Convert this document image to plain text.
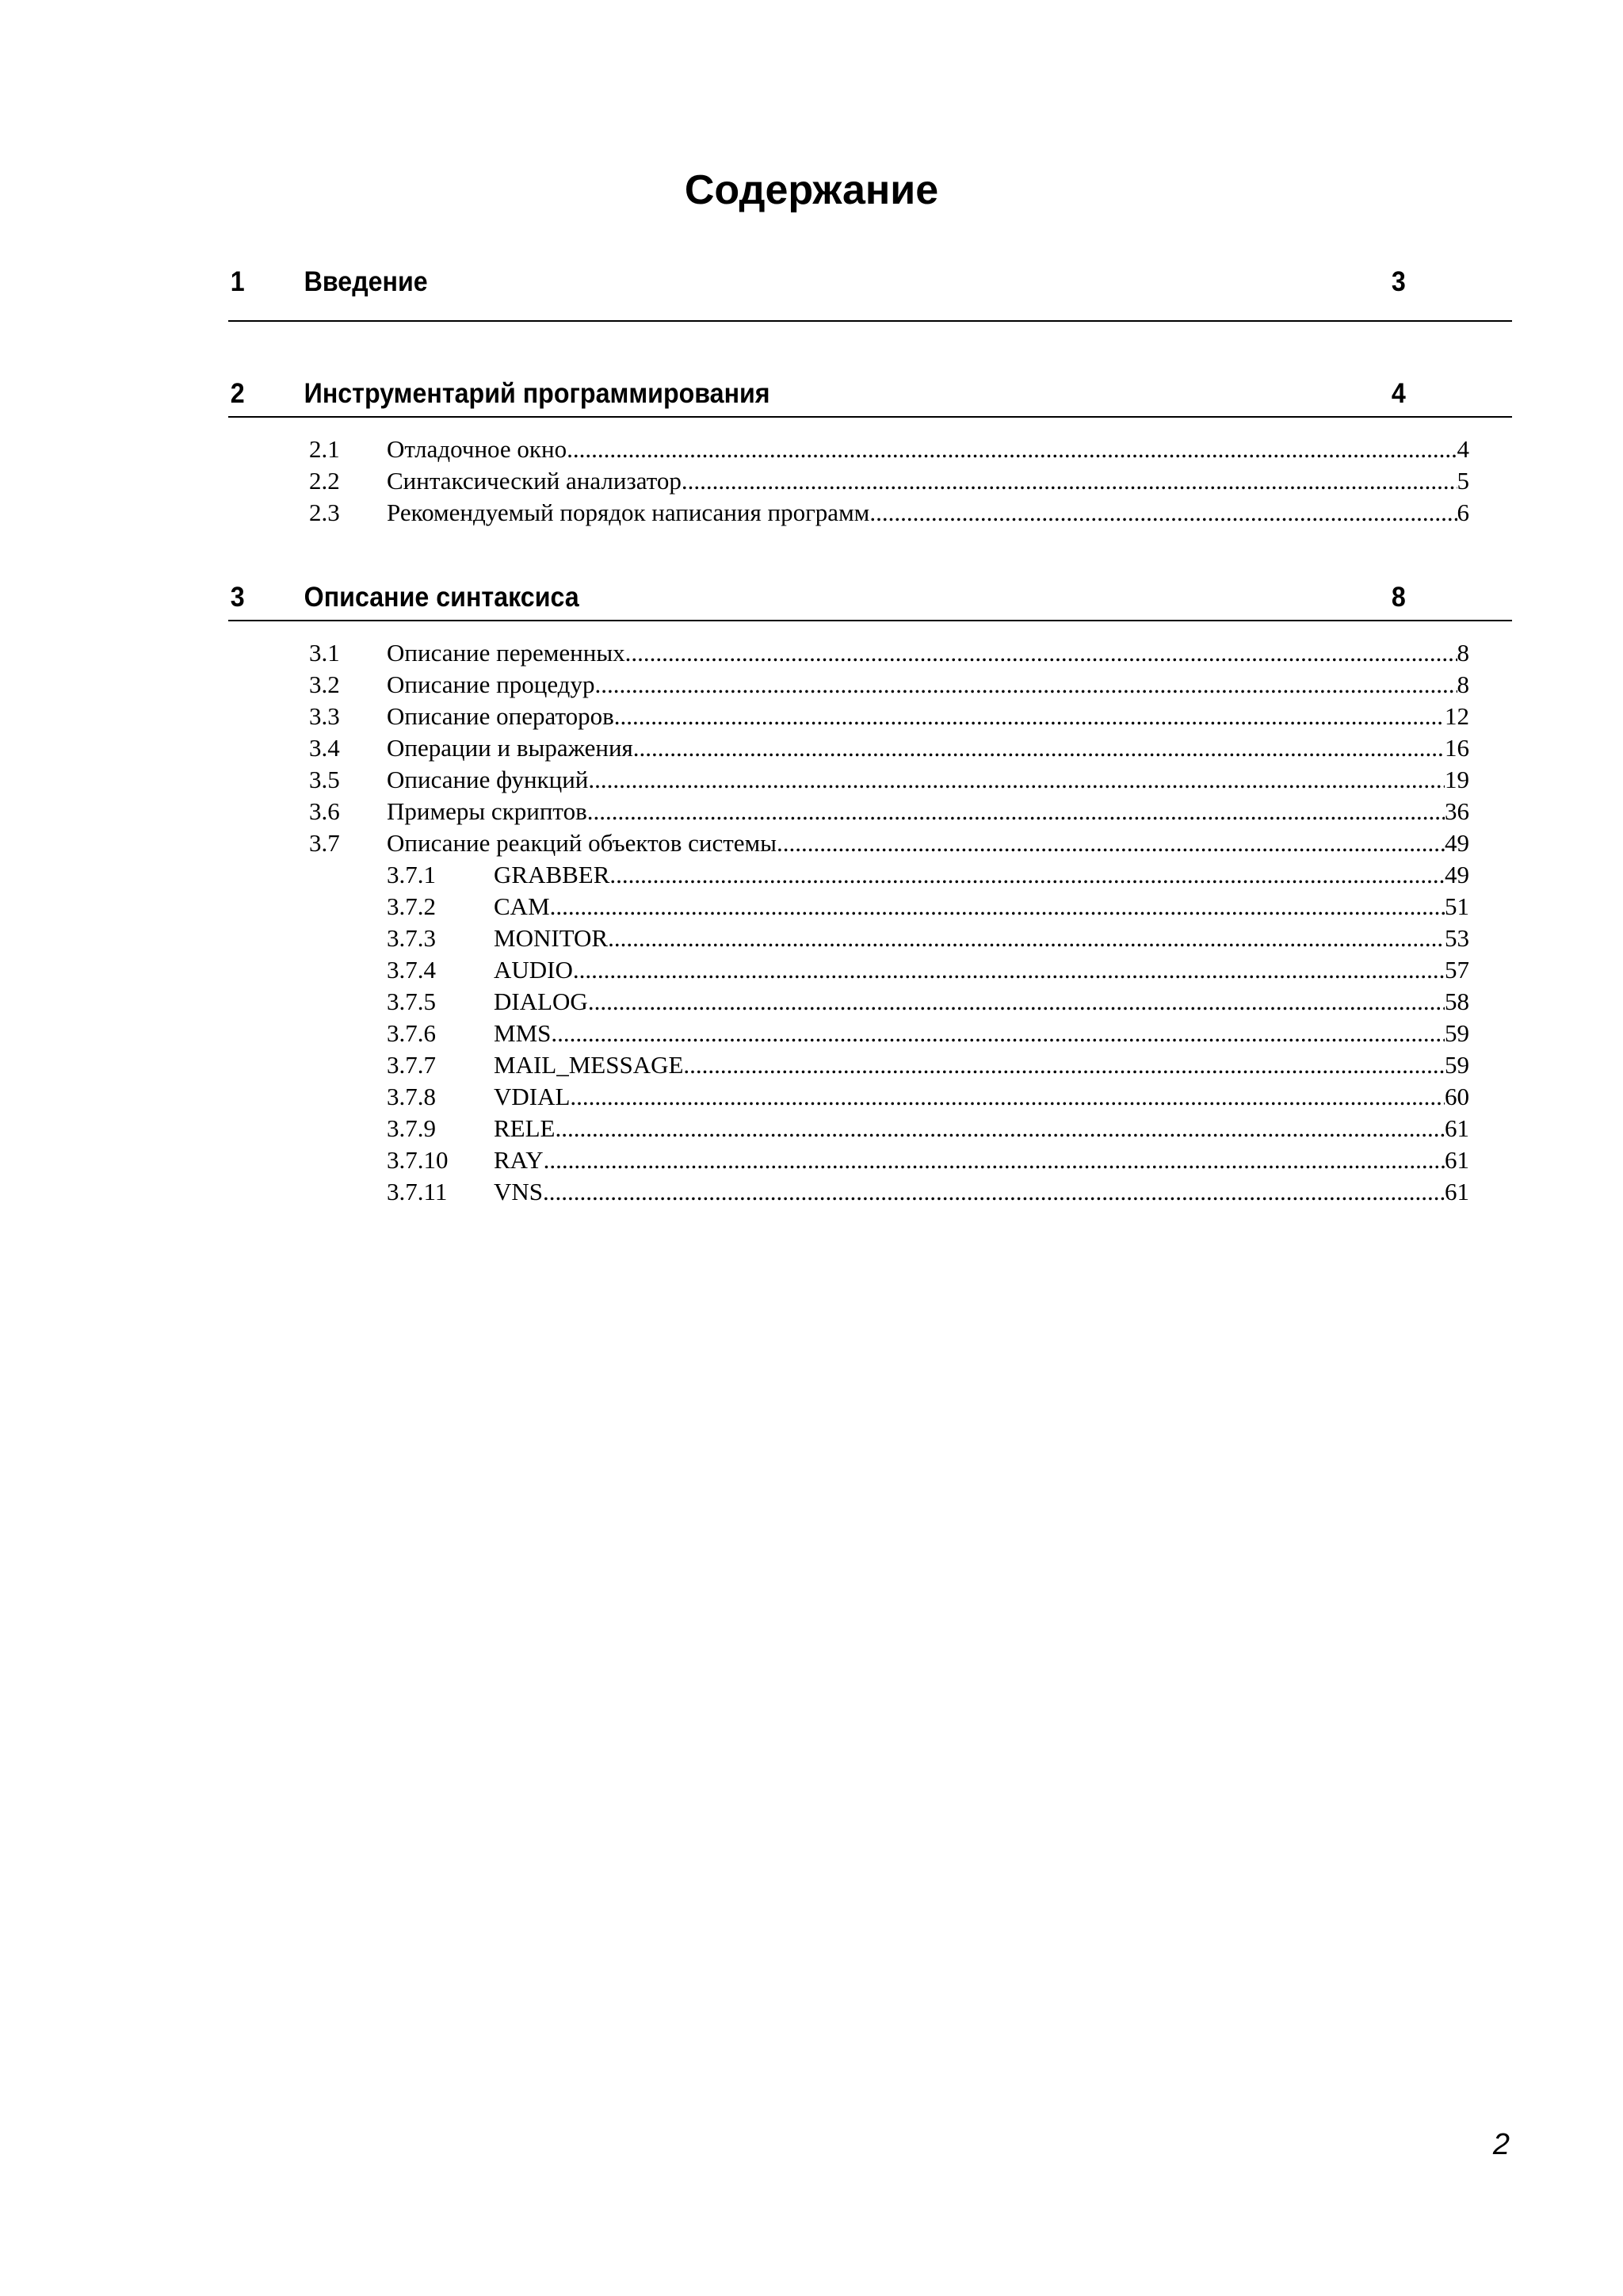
Содержание
1 Введение	3
2 Инструментарий программирования	4
2.1	Отладочное окно .....	4
2.2	Синтаксический анализатор .....	5
2.3	Рекомендуемый порядок написания программ .....	6
3 Описание синтаксиса	8
3.1	Описание переменных .....	8
3.2	Описание процедур .....	8
3.3	Описание операторов .....	12
3.4	Операции и выражения .....	16
3.5	Описание функций .....	19
3.6	Примеры скриптов .....	36
3.7	Описание реакций объектов системы .....	49
3.7.1	GRABBER .....	49
3.7.2	CAM .....	51
3.7.3	MONITOR .....	53
3.7.4	AUDIO .....	57
3.7.5	DIALOG .....	58
3.7.6	MMS .....	59
3.7.7	MAIL_MESSAGE .....	59
3.7.8	VDIAL .....	60
3.7.9	RELE .....	61
3.7.10	RAY .....	61
3.7.11	VNS .....	61
2
